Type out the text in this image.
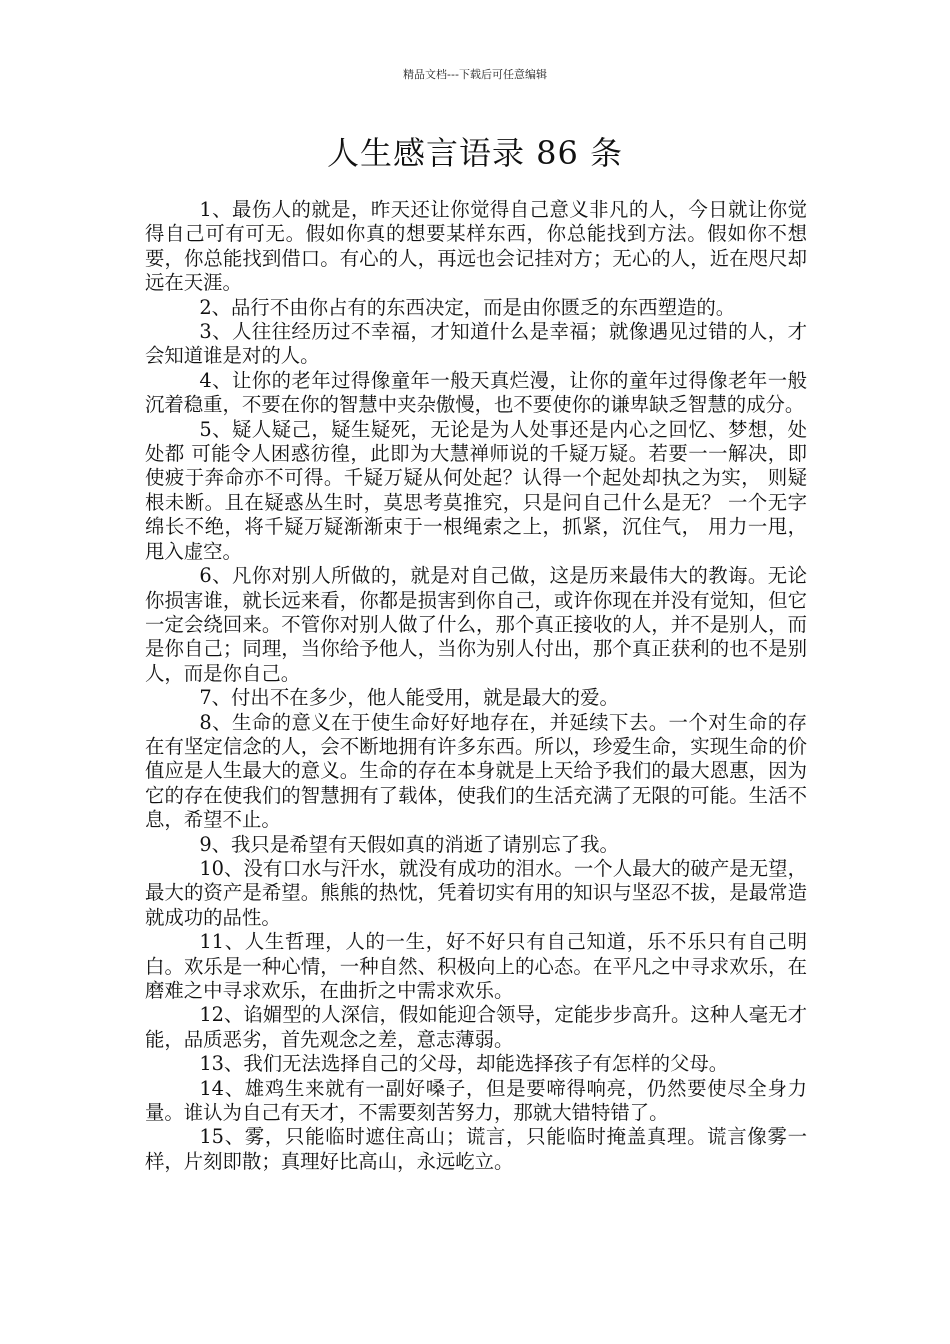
精品文档---下载后可任意编辑
人生感言语录 86 条

1、最伤人的就是，昨天还让你觉得自己意义非凡的人，今日就让你觉得自己可有可无。假如你真的想要某样东西，你总能找到方法。假如你不想要，你总能找到借口。有心的人，再远也会记挂对方；无心的人，近在咫尺却远在天涯。

2、品行不由你占有的东西决定，而是由你匮乏的东西塑造的。

3、人往往经历过不幸福，才知道什么是幸福；就像遇见过错的人，才会知道谁是对的人。

4、让你的老年过得像童年一般天真烂漫，让你的童年过得像老年一般沉着稳重，不要在你的智慧中夹杂傲慢，也不要使你的谦卑缺乏智慧的成分。

5、疑人疑己，疑生疑死，无论是为人处事还是内心之回忆、梦想，处处都 可能令人困惑彷徨，此即为大慧禅师说的千疑万疑。若要一一解决，即 使疲于奔命亦不可得。千疑万疑从何处起？认得一个起处却执之为实， 则疑根未断。且在疑惑丛生时，莫思考莫推究，只是问自己什么是无？ 一个无字绵长不绝，将千疑万疑渐渐束于一根绳索之上，抓紧，沉住气， 用力一甩，甩入虚空。

6、凡你对别人所做的，就是对自己做，这是历来最伟大的教诲。无论你损害谁，就长远来看，你都是损害到你自己，或许你现在并没有觉知，但它一定会绕回来。不管你对别人做了什么，那个真正接收的人，并不是别人，而是你自己；同理，当你给予他人，当你为别人付出，那个真正获利的也不是别人，而是你自己。

7、付出不在多少，他人能受用，就是最大的爱。

8、生命的意义在于使生命好好地存在，并延续下去。一个对生命的存在有坚定信念的人，会不断地拥有许多东西。所以，珍爱生命，实现生命的价值应是人生最大的意义。生命的存在本身就是上天给予我们的最大恩惠，因为它的存在使我们的智慧拥有了载体，使我们的生活充满了无限的可能。生活不息，希望不止。

9、我只是希望有天假如真的消逝了请别忘了我。

10、没有口水与汗水，就没有成功的泪水。一个人最大的破产是无望，最大的资产是希望。熊熊的热忱，凭着切实有用的知识与坚忍不拔，是最常造就成功的品性。

11、人生哲理，人的一生，好不好只有自己知道，乐不乐只有自己明白。欢乐是一种心情，一种自然、积极向上的心态。在平凡之中寻求欢乐，在磨难之中寻求欢乐，在曲折之中需求欢乐。

12、谄媚型的人深信，假如能迎合领导，定能步步高升。这种人毫无才能，品质恶劣，首先观念之差，意志薄弱。

13、我们无法选择自己的父母，却能选择孩子有怎样的父母。

14、雄鸡生来就有一副好嗓子，但是要啼得响亮，仍然要使尽全身力量。谁认为自己有天才，不需要刻苦努力，那就大错特错了。

15、雾，只能临时遮住高山；谎言，只能临时掩盖真理。谎言像雾一样，片刻即散；真理好比高山，永远屹立。
